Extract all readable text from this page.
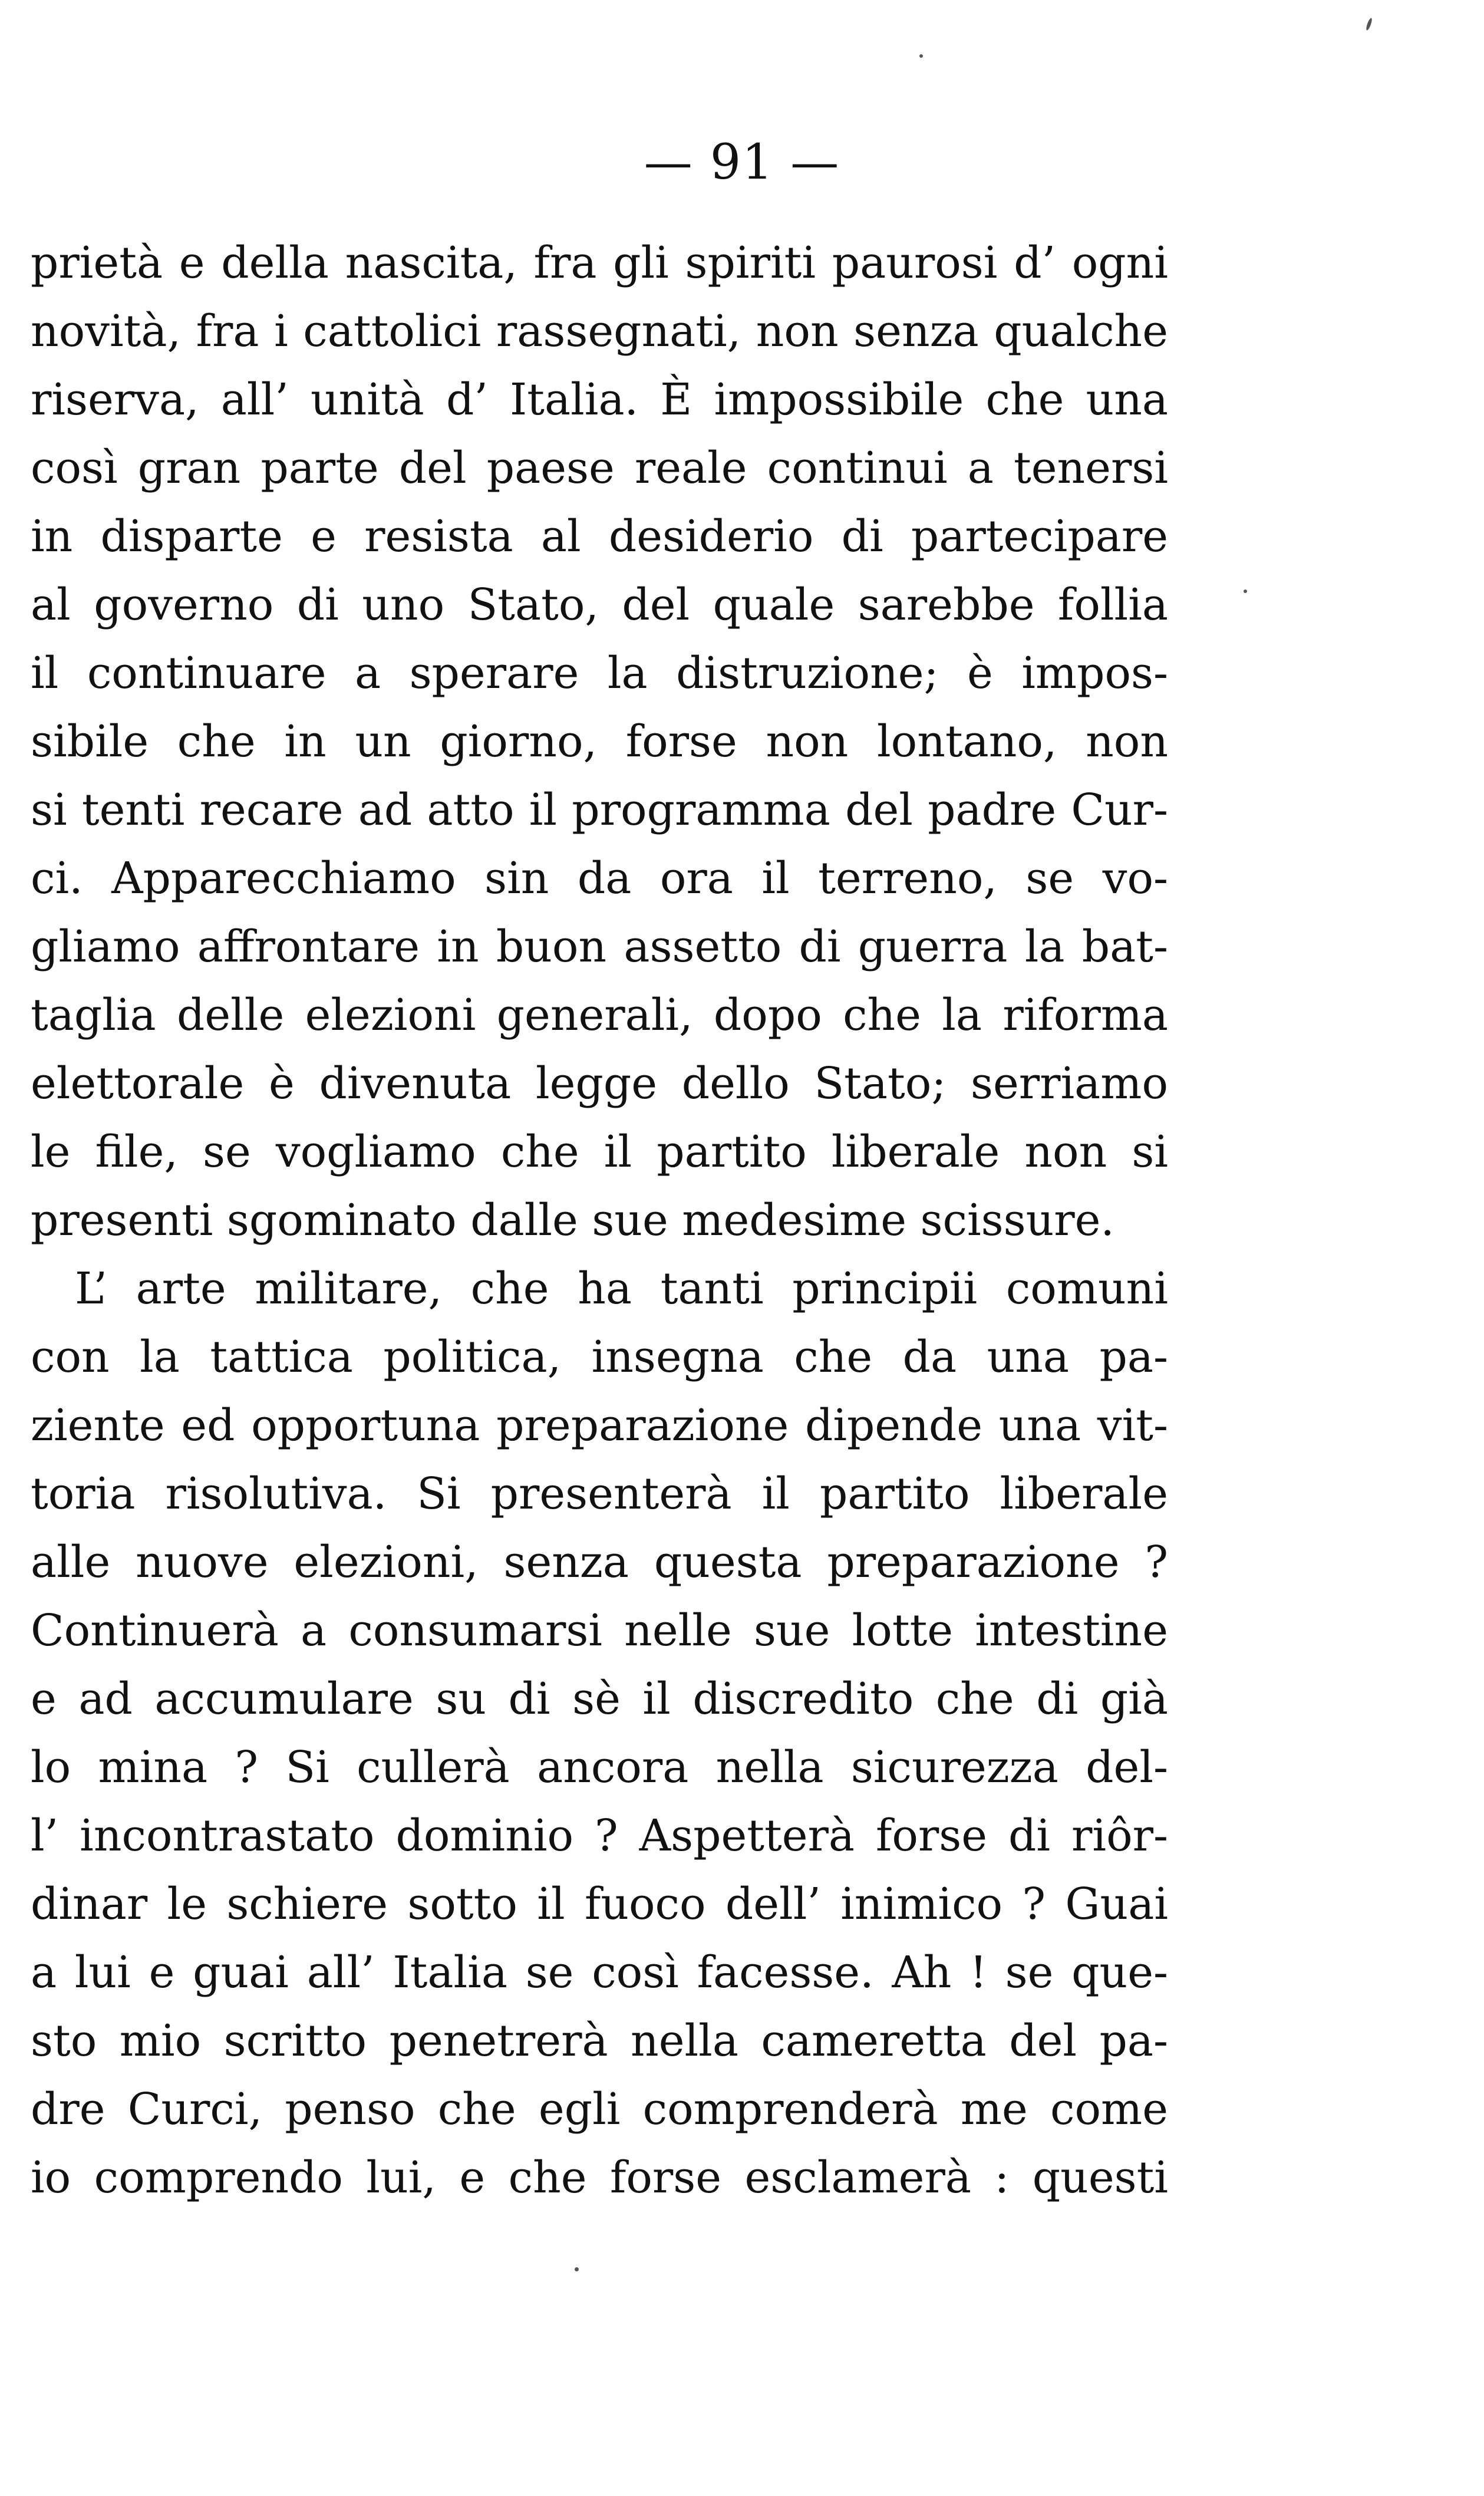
— 91 —
prietà e della nascita, fra gli spiriti paurosi d’ ogni
novità, fra i cattolici rassegnati, non senza qualche
riserva, all’ unità d’ Italia. È impossibile che una
così gran parte del paese reale continui a tenersi
in disparte e resista al desiderio di partecipare
al governo di uno Stato, del quale sarebbe follia
il continuare a sperare la distruzione; è impos-
sibile che in un giorno, forse non lontano, non
si tenti recare ad atto il programma del padre Cur-
ci. Apparecchiamo sin da ora il terreno, se vo-
gliamo affrontare in buon assetto di guerra la bat-
taglia delle elezioni generali, dopo che la riforma
elettorale è divenuta legge dello Stato; serriamo
le file, se vogliamo che il partito liberale non si
presenti sgominato dalle sue medesime scissure.
L’ arte militare, che ha tanti principii comuni
con la tattica politica, insegna che da una pa-
ziente ed opportuna preparazione dipende una vit-
toria risolutiva. Si presenterà il partito liberale
alle nuove elezioni, senza questa preparazione ?
Continuerà a consumarsi nelle sue lotte intestine
e ad accumulare su di sè il discredito che di già
lo mina ? Si cullerà ancora nella sicurezza del-
l’ incontrastato dominio ? Aspetterà forse di riôr-
dinar le schiere sotto il fuoco dell’ inimico ? Guai
a lui e guai all’ Italia se così facesse. Ah ! se que-
sto mio scritto penetrerà nella cameretta del pa-
dre Curci, penso che egli comprenderà me come
io comprendo lui, e che forse esclamerà : questi
